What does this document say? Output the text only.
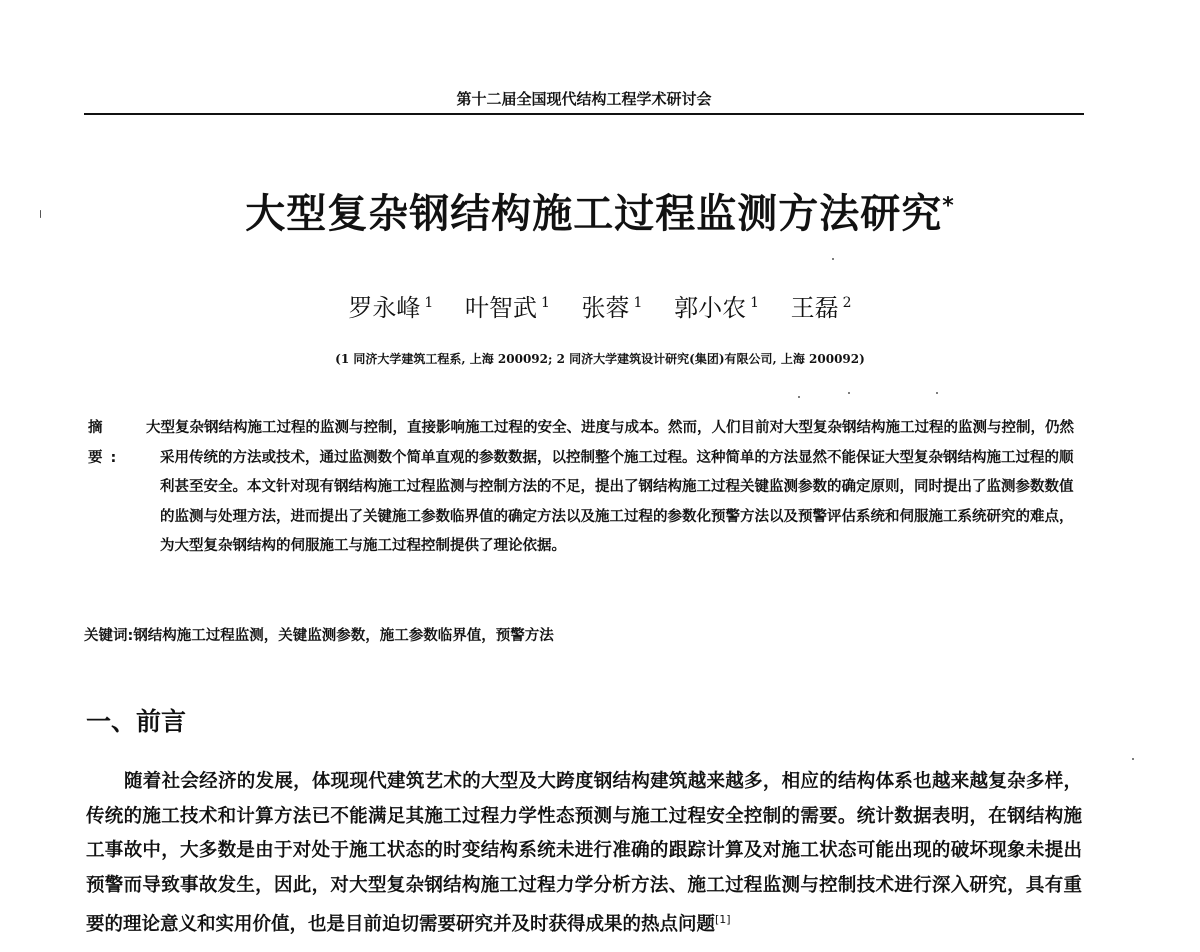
第十二届全国现代结构工程学术研讨会
大型复杂钢结构施工过程监测方法研究*
罗永峰 $^1$ 叶智武 $^1$ 张蓉 $^1$ 郭小农 $^1$ 王磊 $^2$
(1 同济大学建筑工程系, 上海 200092; 2 同济大学建筑设计研究(集团)有限公司, 上海 200092)
摘 要:
大型复杂钢结构施工过程的监测与控制，直接影响施工过程的安全、进度与成本。然而，人们目前对大型复杂钢结构施工过程的监测与控制，仍然采用传统的方法或技术，通过监测数个简单直观的参数数据，以控制整个施工过程。这种简单的方法显然不能保证大型复杂钢结构施工过程的顺利甚至安全。本文针对现有钢结构施工过程监测与控制方法的不足，提出了钢结构施工过程关键监测参数的确定原则，同时提出了监测参数数值的监测与处理方法，进而提出了关键施工参数临界值的确定方法以及施工过程的参数化预警方法以及预警评估系统和伺服施工系统研究的难点，为大型复杂钢结构的伺服施工与施工过程控制提供了理论依据。
关键词:钢结构施工过程监测，关键监测参数，施工参数临界值，预警方法
一、前言
随着社会经济的发展，体现现代建筑艺术的大型及大跨度钢结构建筑越来越多，相应的结构体系也越来越复杂多样，传统的施工技术和计算方法已不能满足其施工过程力学性态预测与施工过程安全控制的需要。统计数据表明，在钢结构施工事故中，大多数是由于对处于施工状态的时变结构系统未进行准确的跟踪计算及对施工状态可能出现的破坏现象未提出预警而导致事故发生，因此，对大型复杂钢结构施工过程力学分析方法、施工过程监测与控制技术进行深入研究，具有重要的理论意义和实用价值，也是目前迫切需要研究并及时获得成果的热点问题[1]
